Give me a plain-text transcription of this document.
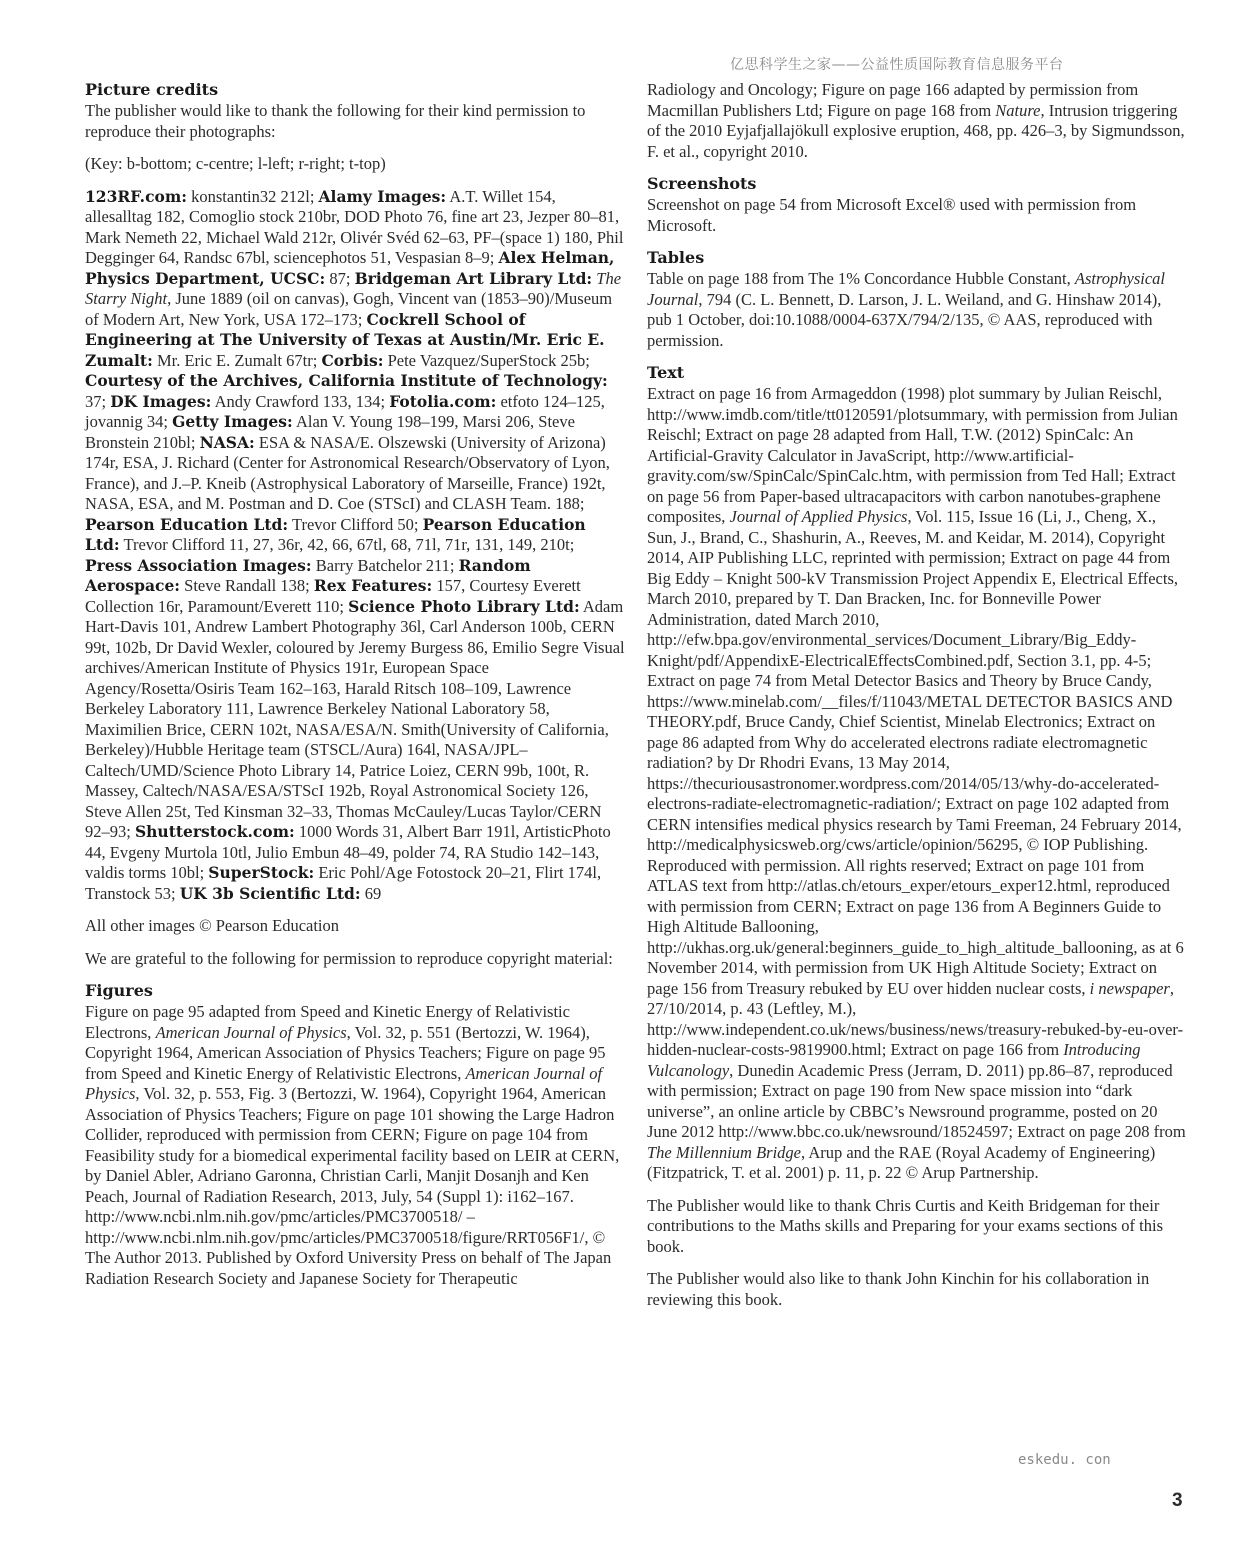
亿思科学生之家——公益性质国际教育信息服务平台
Picture credits

The publisher would like to thank the following for their kind permission to reproduce their photographs:

(Key: b-bottom; c-centre; l-left; r-right; t-top)

123RF.com: konstantin32 212l; Alamy Images: A.T. Willet 154, allesalltag 182, Comoglio stock 210br, DOD Photo 76, fine art 23, Jezper 80–81, Mark Nemeth 22, Michael Wald 212r, Olivér Svéd 62–63, PF–(space 1) 180, Phil Degginger 64, Randsc 67bl, sciencephotos 51, Vespasian 8–9; Alex Helman, Physics Department, UCSC: 87; Bridgeman Art Library Ltd: The Starry Night, June 1889 (oil on canvas), Gogh, Vincent van (1853–90)/Museum of Modern Art, New York, USA 172–173; Cockrell School of Engineering at The University of Texas at Austin/Mr. Eric E. Zumalt: Mr. Eric E. Zumalt 67tr; Corbis: Pete Vazquez/SuperStock 25b; Courtesy of the Archives, California Institute of Technology: 37; DK Images: Andy Crawford 133, 134; Fotolia.com: etfoto 124–125, jovannig 34; Getty Images: Alan V. Young 198–199, Marsi 206, Steve Bronstein 210bl; NASA: ESA & NASA/E. Olszewski (University of Arizona) 174r, ESA, J. Richard (Center for Astronomical Research/Observatory of Lyon, France), and J.–P. Kneib (Astrophysical Laboratory of Marseille, France) 192t, NASA, ESA, and M. Postman and D. Coe (STScI) and CLASH Team. 188; Pearson Education Ltd: Trevor Clifford 50; Pearson Education Ltd: Trevor Clifford 11, 27, 36r, 42, 66, 67tl, 68, 71l, 71r, 131, 149, 210t; Press Association Images: Barry Batchelor 211; Random Aerospace: Steve Randall 138; Rex Features: 157, Courtesy Everett Collection 16r, Paramount/Everett 110; Science Photo Library Ltd: Adam Hart-Davis 101, Andrew Lambert Photography 36l, Carl Anderson 100b, CERN 99t, 102b, Dr David Wexler, coloured by Jeremy Burgess 86, Emilio Segre Visual archives/American Institute of Physics 191r, European Space Agency/Rosetta/Osiris Team 162–163, Harald Ritsch 108–109, Lawrence Berkeley Laboratory 111, Lawrence Berkeley National Laboratory 58, Maximilien Brice, CERN 102t, NASA/ESA/N. Smith(University of California, Berkeley)/Hubble Heritage team (STSCL/Aura) 164l, NASA/JPL–Caltech/UMD/Science Photo Library 14, Patrice Loiez, CERN 99b, 100t, R. Massey, Caltech/NASA/ESA/STScI 192b, Royal Astronomical Society 126, Steve Allen 25t, Ted Kinsman 32–33, Thomas McCauley/Lucas Taylor/CERN 92–93; Shutterstock.com: 1000 Words 31, Albert Barr 191l, ArtisticPhoto 44, Evgeny Murtola 10tl, Julio Embun 48–49, polder 74, RA Studio 142–143, valdis torms 10bl; SuperStock: Eric Pohl/Age Fotostock 20–21, Flirt 174l, Transtock 53; UK 3b Scientific Ltd: 69

All other images © Pearson Education

We are grateful to the following for permission to reproduce copyright material:

Figures
Figure on page 95 adapted from Speed and Kinetic Energy of Relativistic Electrons, American Journal of Physics, Vol. 32, p. 551 (Bertozzi, W. 1964), Copyright 1964, American Association of Physics Teachers; Figure on page 95 from Speed and Kinetic Energy of Relativistic Electrons, American Journal of Physics, Vol. 32, p. 553, Fig. 3 (Bertozzi, W. 1964), Copyright 1964, American Association of Physics Teachers; Figure on page 101 showing the Large Hadron Collider, reproduced with permission from CERN; Figure on page 104 from Feasibility study for a biomedical experimental facility based on LEIR at CERN, by Daniel Abler, Adriano Garonna, Christian Carli, Manjit Dosanjh and Ken Peach, Journal of Radiation Research, 2013, July, 54 (Suppl 1): i162–167. http://www.ncbi.nlm.nih.gov/pmc/articles/PMC3700518/ – http://www.ncbi.nlm.nih.gov/pmc/articles/PMC3700518/figure/RRT056F1/, © The Author 2013. Published by Oxford University Press on behalf of The Japan Radiation Research Society and Japanese Society for Therapeutic

Radiology and Oncology; Figure on page 166 adapted by permission from Macmillan Publishers Ltd; Figure on page 168 from Nature, Intrusion triggering of the 2010 Eyjafjallajökull explosive eruption, 468, pp. 426–3, by Sigmundsson, F. et al., copyright 2010.

Screenshots

Screenshot on page 54 from Microsoft Excel® used with permission from Microsoft.

Tables

Table on page 188 from The 1% Concordance Hubble Constant, Astrophysical Journal, 794 (C. L. Bennett, D. Larson, J. L. Weiland, and G. Hinshaw 2014), pub 1 October, doi:10.1088/0004-637X/794/2/135, © AAS, reproduced with permission.

Text

Extract on page 16 from Armageddon (1998) plot summary by Julian Reischl, http://www.imdb.com/title/tt0120591/plotsummary, with permission from Julian Reischl; Extract on page 28 adapted from Hall, T.W. (2012) SpinCalc: An Artificial-Gravity Calculator in JavaScript, http://www.artificial-gravity.com/sw/SpinCalc/SpinCalc.htm, with permission from Ted Hall; Extract on page 56 from Paper-based ultracapacitors with carbon nanotubes-graphene composites, Journal of Applied Physics, Vol. 115, Issue 16 (Li, J., Cheng, X., Sun, J., Brand, C., Shashurin, A., Reeves, M. and Keidar, M. 2014), Copyright 2014, AIP Publishing LLC, reprinted with permission; Extract on page 44 from Big Eddy – Knight 500-kV Transmission Project Appendix E, Electrical Effects, March 2010, prepared by T. Dan Bracken, Inc. for Bonneville Power Administration, dated March 2010, http://efw.bpa.gov/environmental_services/Document_Library/Big_Eddy-Knight/pdf/AppendixE-ElectricalEffectsCombined.pdf, Section 3.1, pp. 4-5; Extract on page 74 from Metal Detector Basics and Theory by Bruce Candy, https://www.minelab.com/__files/f/11043/METAL DETECTOR BASICS AND THEORY.pdf, Bruce Candy, Chief Scientist, Minelab Electronics; Extract on page 86 adapted from Why do accelerated electrons radiate electromagnetic radiation? by Dr Rhodri Evans, 13 May 2014, https://thecuriousastronomer.wordpress.com/2014/05/13/why-do-accelerated-electrons-radiate-electromagnetic-radiation/; Extract on page 102 adapted from CERN intensifies medical physics research by Tami Freeman, 24 February 2014, http://medicalphysicsweb.org/cws/article/opinion/56295, © IOP Publishing. Reproduced with permission. All rights reserved; Extract on page 101 from ATLAS text from http://atlas.ch/etours_exper/etours_exper12.html, reproduced with permission from CERN; Extract on page 136 from A Beginners Guide to High Altitude Ballooning, http://ukhas.org.uk/general:beginners_guide_to_high_altitude_ballooning, as at 6 November 2014, with permission from UK High Altitude Society; Extract on page 156 from Treasury rebuked by EU over hidden nuclear costs, i newspaper, 27/10/2014, p. 43 (Leftley, M.), http://www.independent.co.uk/news/business/news/treasury-rebuked-by-eu-over-hidden-nuclear-costs-9819900.html; Extract on page 166 from Introducing Vulcanology, Dunedin Academic Press (Jerram, D. 2011) pp.86–87, reproduced with permission; Extract on page 190 from New space mission into “dark universe”, an online article by CBBC’s Newsround programme, posted on 20 June 2012 http://www.bbc.co.uk/newsround/18524597; Extract on page 208 from The Millennium Bridge, Arup and the RAE (Royal Academy of Engineering) (Fitzpatrick, T. et al. 2001) p. 11, p. 22 © Arup Partnership.

The Publisher would like to thank Chris Curtis and Keith Bridgeman for their contributions to the Maths skills and Preparing for your exams sections of this book.

The Publisher would also like to thank John Kinchin for his collaboration in reviewing this book.

eskedu. con
3
